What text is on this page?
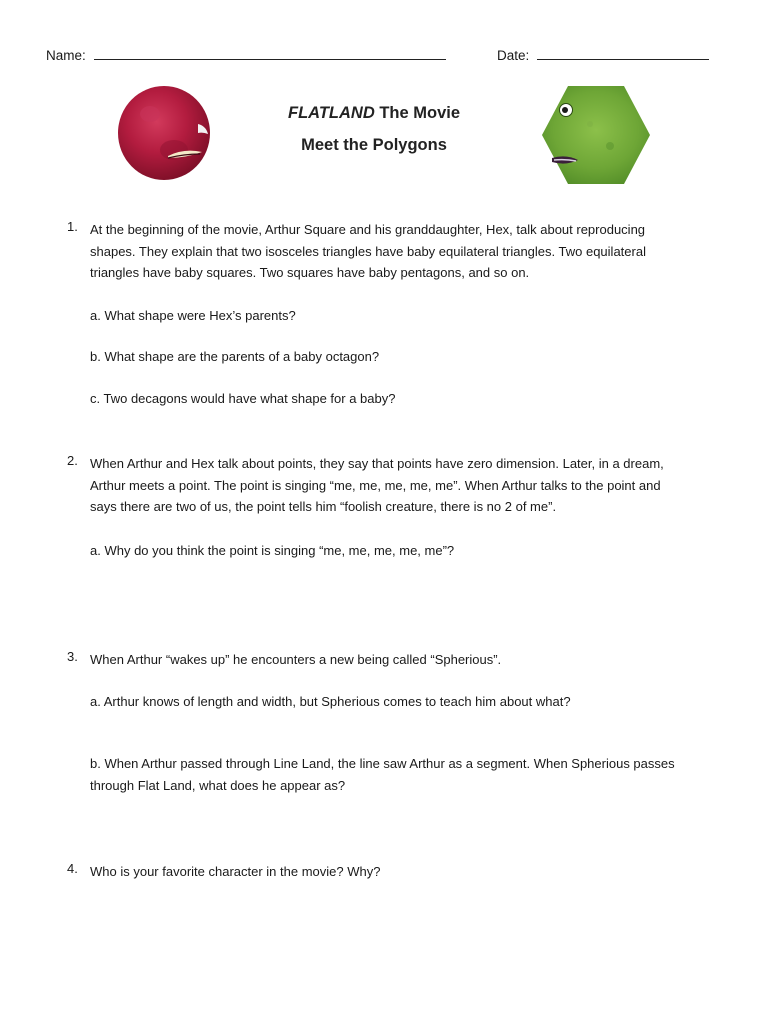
Name:	Date:
FLATLAND The Movie
Meet the Polygons
1. At the beginning of the movie, Arthur Square and his granddaughter, Hex, talk about reproducing
shapes. They explain that two isosceles triangles have baby equilateral triangles. Two equilateral
triangles have baby squares. Two squares have baby pentagons, and so on.
a. What shape were Hex’s parents?
b. What shape are the parents of a baby octagon?
c. Two decagons would have what shape for a baby?
2. When Arthur and Hex talk about points, they say that points have zero dimension. Later, in a dream,
Arthur meets a point. The point is singing “me, me, me, me, me”. When Arthur talks to the point and
says there are two of us, the point tells him “foolish creature, there is no 2 of me”.
a. Why do you think the point is singing “me, me, me, me, me”?
3. When Arthur “wakes up” he encounters a new being called “Spherious”.
a. Arthur knows of length and width, but Spherious comes to teach him about what?
b. When Arthur passed through Line Land, the line saw Arthur as a segment. When Spherious passes
through Flat Land, what does he appear as?
4. Who is your favorite character in the movie? Why?
